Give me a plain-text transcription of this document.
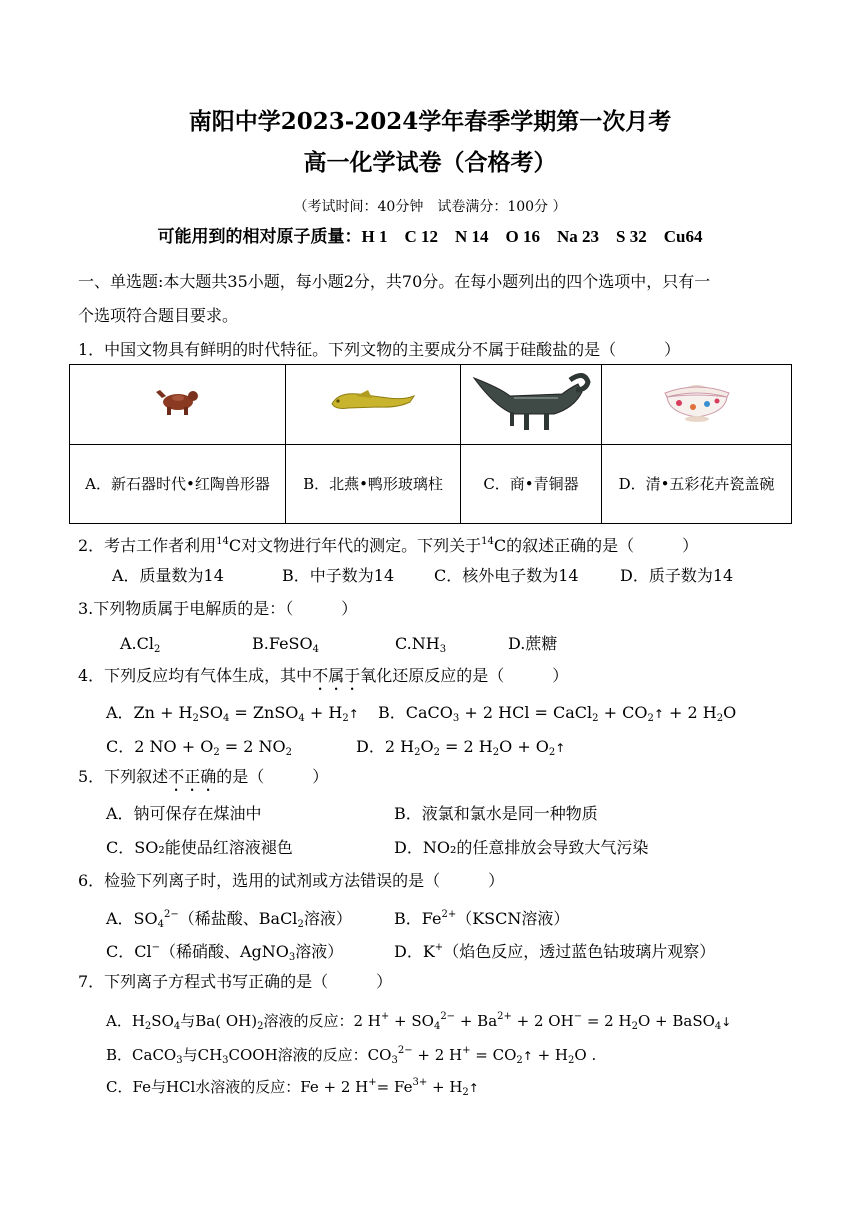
南阳中学2023-2024学年春季学期第一次月考
高一化学试卷（合格考）
（考试时间：40分钟　试卷满分：100分 ）
可能用到的相对原子质量：H 1　C 12　N 14　O 16　Na 23　S 32　Cu64
一、单选题:本大题共35小题，每小题2分，共70分。在每小题列出的四个选项中，只有一
个选项符合题目要求。
1．中国文物具有鲜明的时代特征。下列文物的主要成分不属于硅酸盐的是（　　　）

A．新石器时代•红陶兽形器	B．北燕•鸭形玻璃柱	C．商•青铜器	D．清•五彩花卉瓷盖碗
2．考古工作者利用$^{14}$C对文物进行年代的测定。下列关于$^{14}$C的叙述正确的是（　　　）
A．质量数为14	B．中子数为14 C．核外电子数为14	D．质子数为14
3.下列物质属于电解质的是：（　　　）
$A.Cl_2$	B.FeSO$_4$	$C.NH_3$	D.蔗糖
4．下列反应均有气体生成，其中不属于氧化还原反应的是（　　　）
A．$Zn + H_2SO_4$ = ZnSO$_4$ + $H_2↑$ B．CaCO$_3$ + 2 HCl = CaCl$_2$ + $CO_2↑ + 2$ $H_2O$
C．2 NO + $O_2 = 2$ $NO_2$	D．2 $H_2O_2 = 2$ $H_2O$ + $O_2↑$
5．下列叙述不正确的是（　　　）
A．钠可保存在煤油中	B．液氯和氯水是同一种物质
C．SO₂能使品红溶液褪色	D．NO₂的任意排放会导致大气污染
6．检验下列离子时，选用的试剂或方法错误的是（　　　）
A．$SO_4^{2-}$（稀盐酸、BaCl$_2$溶液）	B．$Fe^{2+}(KSCN$溶液）
C．Cl−（稀硝酸、AgNO$_3$溶液）	D．K+（焰色反应，透过蓝色钴玻璃片观察）
7．下列离子方程式书写正确的是（　　　）
A．$H_2SO_4$与Ba( $OH)_2$溶液的反应：2 $H^+ + SO_4^{2-} + Ba^{2+} + 2$ OH− = 2 $H_2O$ + BaSO$_4$↓
B．CaCO$_3$与$CH_3COOH$溶液的反应：$CO_3^{2-} + 2$ $H^+ = CO_2↑ + H_2O$ .
C．Fe与HCl水溶液的反应：Fe + 2 $H^+= Fe^{3+}$ + $H_2↑$
